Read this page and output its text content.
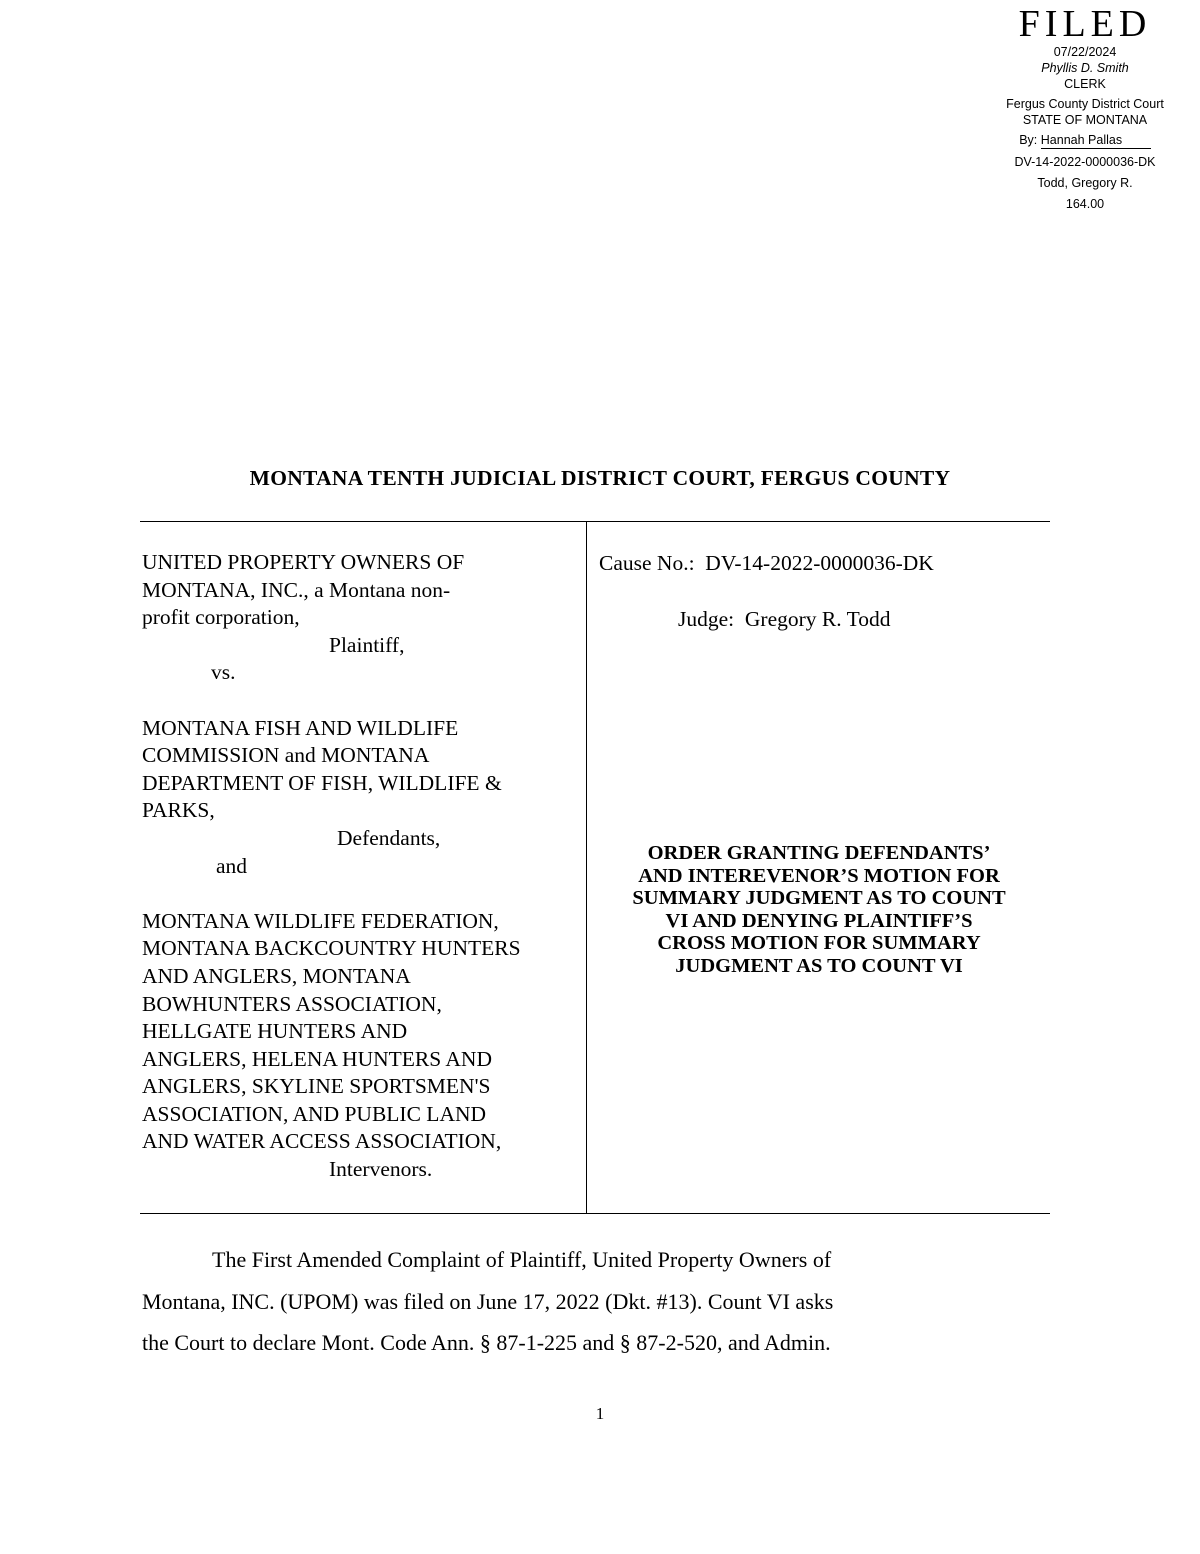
FILED
07/22/2024
Phyllis D. Smith
CLERK
Fergus County District Court
STATE OF MONTANA
By: Hannah Pallas
DV-14-2022-0000036-DK
Todd, Gregory R.
164.00
MONTANA TENTH JUDICIAL DISTRICT COURT, FERGUS COUNTY
UNITED PROPERTY OWNERS OF
MONTANA, INC., a Montana non-
profit corporation,
Plaintiff,
vs.
MONTANA FISH AND WILDLIFE
COMMISSION and MONTANA
DEPARTMENT OF FISH, WILDLIFE &
PARKS,
Defendants,
and
MONTANA WILDLIFE FEDERATION,
MONTANA BACKCOUNTRY HUNTERS
AND ANGLERS, MONTANA
BOWHUNTERS ASSOCIATION,
HELLGATE HUNTERS AND
ANGLERS, HELENA HUNTERS AND
ANGLERS, SKYLINE SPORTSMEN'S
ASSOCIATION, AND PUBLIC LAND
AND WATER ACCESS ASSOCIATION,
Intervenors.
Cause No.: DV-14-2022-0000036-DK
Judge: Gregory R. Todd
ORDER GRANTING DEFENDANTS’
AND INTEREVENOR’S MOTION FOR
SUMMARY JUDGMENT AS TO COUNT
VI AND DENYING PLAINTIFF’S
CROSS MOTION FOR SUMMARY
JUDGMENT AS TO COUNT VI
The First Amended Complaint of Plaintiff, United Property Owners of
Montana, INC. (UPOM) was filed on June 17, 2022 (Dkt. #13). Count VI asks
the Court to declare Mont. Code Ann. § 87-1-225 and § 87-2-520, and Admin.
1
